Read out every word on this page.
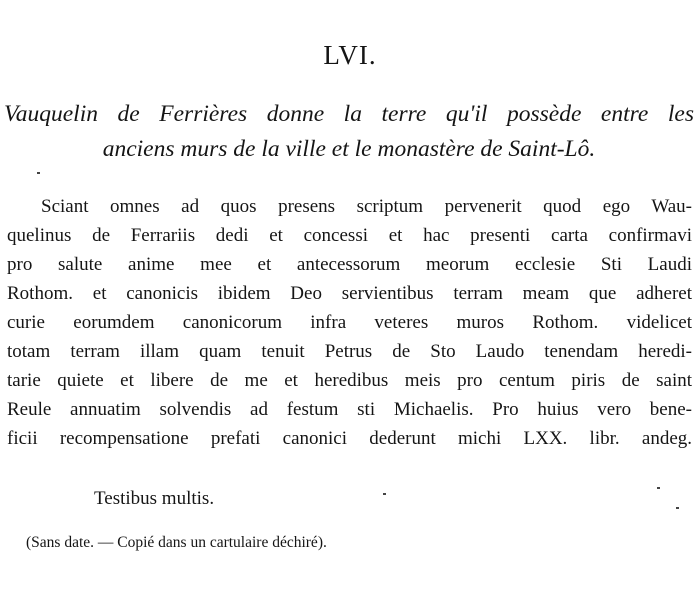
LVI.
Vauquelin de Ferrières donne la terre qu'il possède entre les
anciens murs de la ville et le monastère de Saint-Lô.
Sciant omnes ad quos presens scriptum pervenerit quod ego Wau-
quelinus de Ferrariis dedi et concessi et hac presenti carta confirmavi
pro salute anime mee et antecessorum meorum ecclesie Sti Laudi
Rothom. et canonicis ibidem Deo servientibus terram meam que adheret
curie eorumdem canonicorum infra veteres muros Rothom. videlicet
totam terram illam quam tenuit Petrus de Sto Laudo tenendam heredi-
tarie quiete et libere de me et heredibus meis pro centum piris de saint
Reule annuatim solvendis ad festum sti Michaelis. Pro huius vero bene-
ficii recompensatione prefati canonici dederunt michi LXX. libr. andeg.
Testibus multis.
(Sans date. — Copié dans un cartulaire déchiré).
